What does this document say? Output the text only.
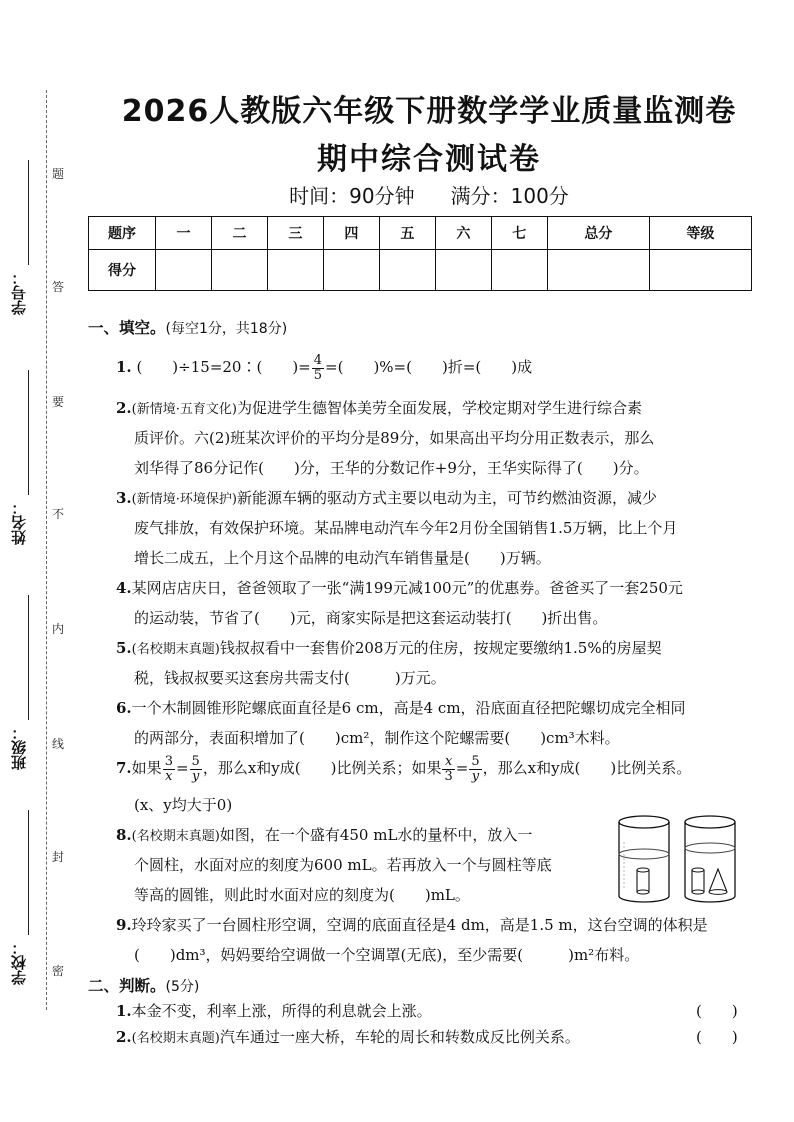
学号：
姓名：
班级：
学校：
题
答
要
不
内
线
封
密
2026人教版六年级下册数学学业质量监测卷
期中综合测试卷
时间：90分钟 满分：100分
题序	一	二	三	四	五	六	七	总分	等级
得分									
一、填空。(每空1分，共18分)
1. (　　)÷15=20∶(　　)= $\frac{4}{5}$ =(　　)%=(　　)折=(　　)成
2.(新情境·五育文化)为促进学生德智体美劳全面发展，学校定期对学生进行综合素
质评价。六(2)班某次评价的平均分是89分，如果高出平均分用正数表示，那么
刘华得了86分记作(　　)分，王华的分数记作+9分，王华实际得了(　　)分。
3.(新情境·环境保护)新能源车辆的驱动方式主要以电动为主，可节约燃油资源，减少
废气排放，有效保护环境。某品牌电动汽车今年2月份全国销售1.5万辆，比上个月
增长二成五，上个月这个品牌的电动汽车销售量是(　　)万辆。
4.某网店店庆日，爸爸领取了一张“满199元减100元”的优惠券。爸爸买了一套250元
的运动装，节省了(　　)元，商家实际是把这套运动装打(　　)折出售。
5.(名校期末真题)钱叔叔看中一套售价208万元的住房，按规定要缴纳1.5%的房屋契
税，钱叔叔要买这套房共需支付(　　　)万元。
6.一个木制圆锥形陀螺底面直径是6 cm，高是4 cm，沿底面直径把陀螺切成完全相同
的两部分，表面积增加了(　　)cm²，制作这个陀螺需要(　　)cm³木料。
7.如果 $\frac{3}{x} = \frac{5}{y}$ ，那么x和y成(　　)比例关系；如果 $\frac{x}{3} = \frac{5}{y}$ ，那么x和y成(　　)比例关系。
(x、y均大于0)
8.(名校期末真题)如图，在一个盛有450 mL水的量杯中，放入一
个圆柱，水面对应的刻度为600 mL。若再放入一个与圆柱等底
等高的圆锥，则此时水面对应的刻度为(　　)mL。
9.玲玲家买了一台圆柱形空调，空调的底面直径是4 dm，高是1.5 m，这台空调的体积是
(　　)dm³，妈妈要给空调做一个空调罩(无底)，至少需要(　　　)m²布料。
二、判断。(5分)
1.本金不变，利率上涨，所得的利息就会上涨。	(　　)
2.(名校期末真题)汽车通过一座大桥，车轮的周长和转数成反比例关系。	(　　)
